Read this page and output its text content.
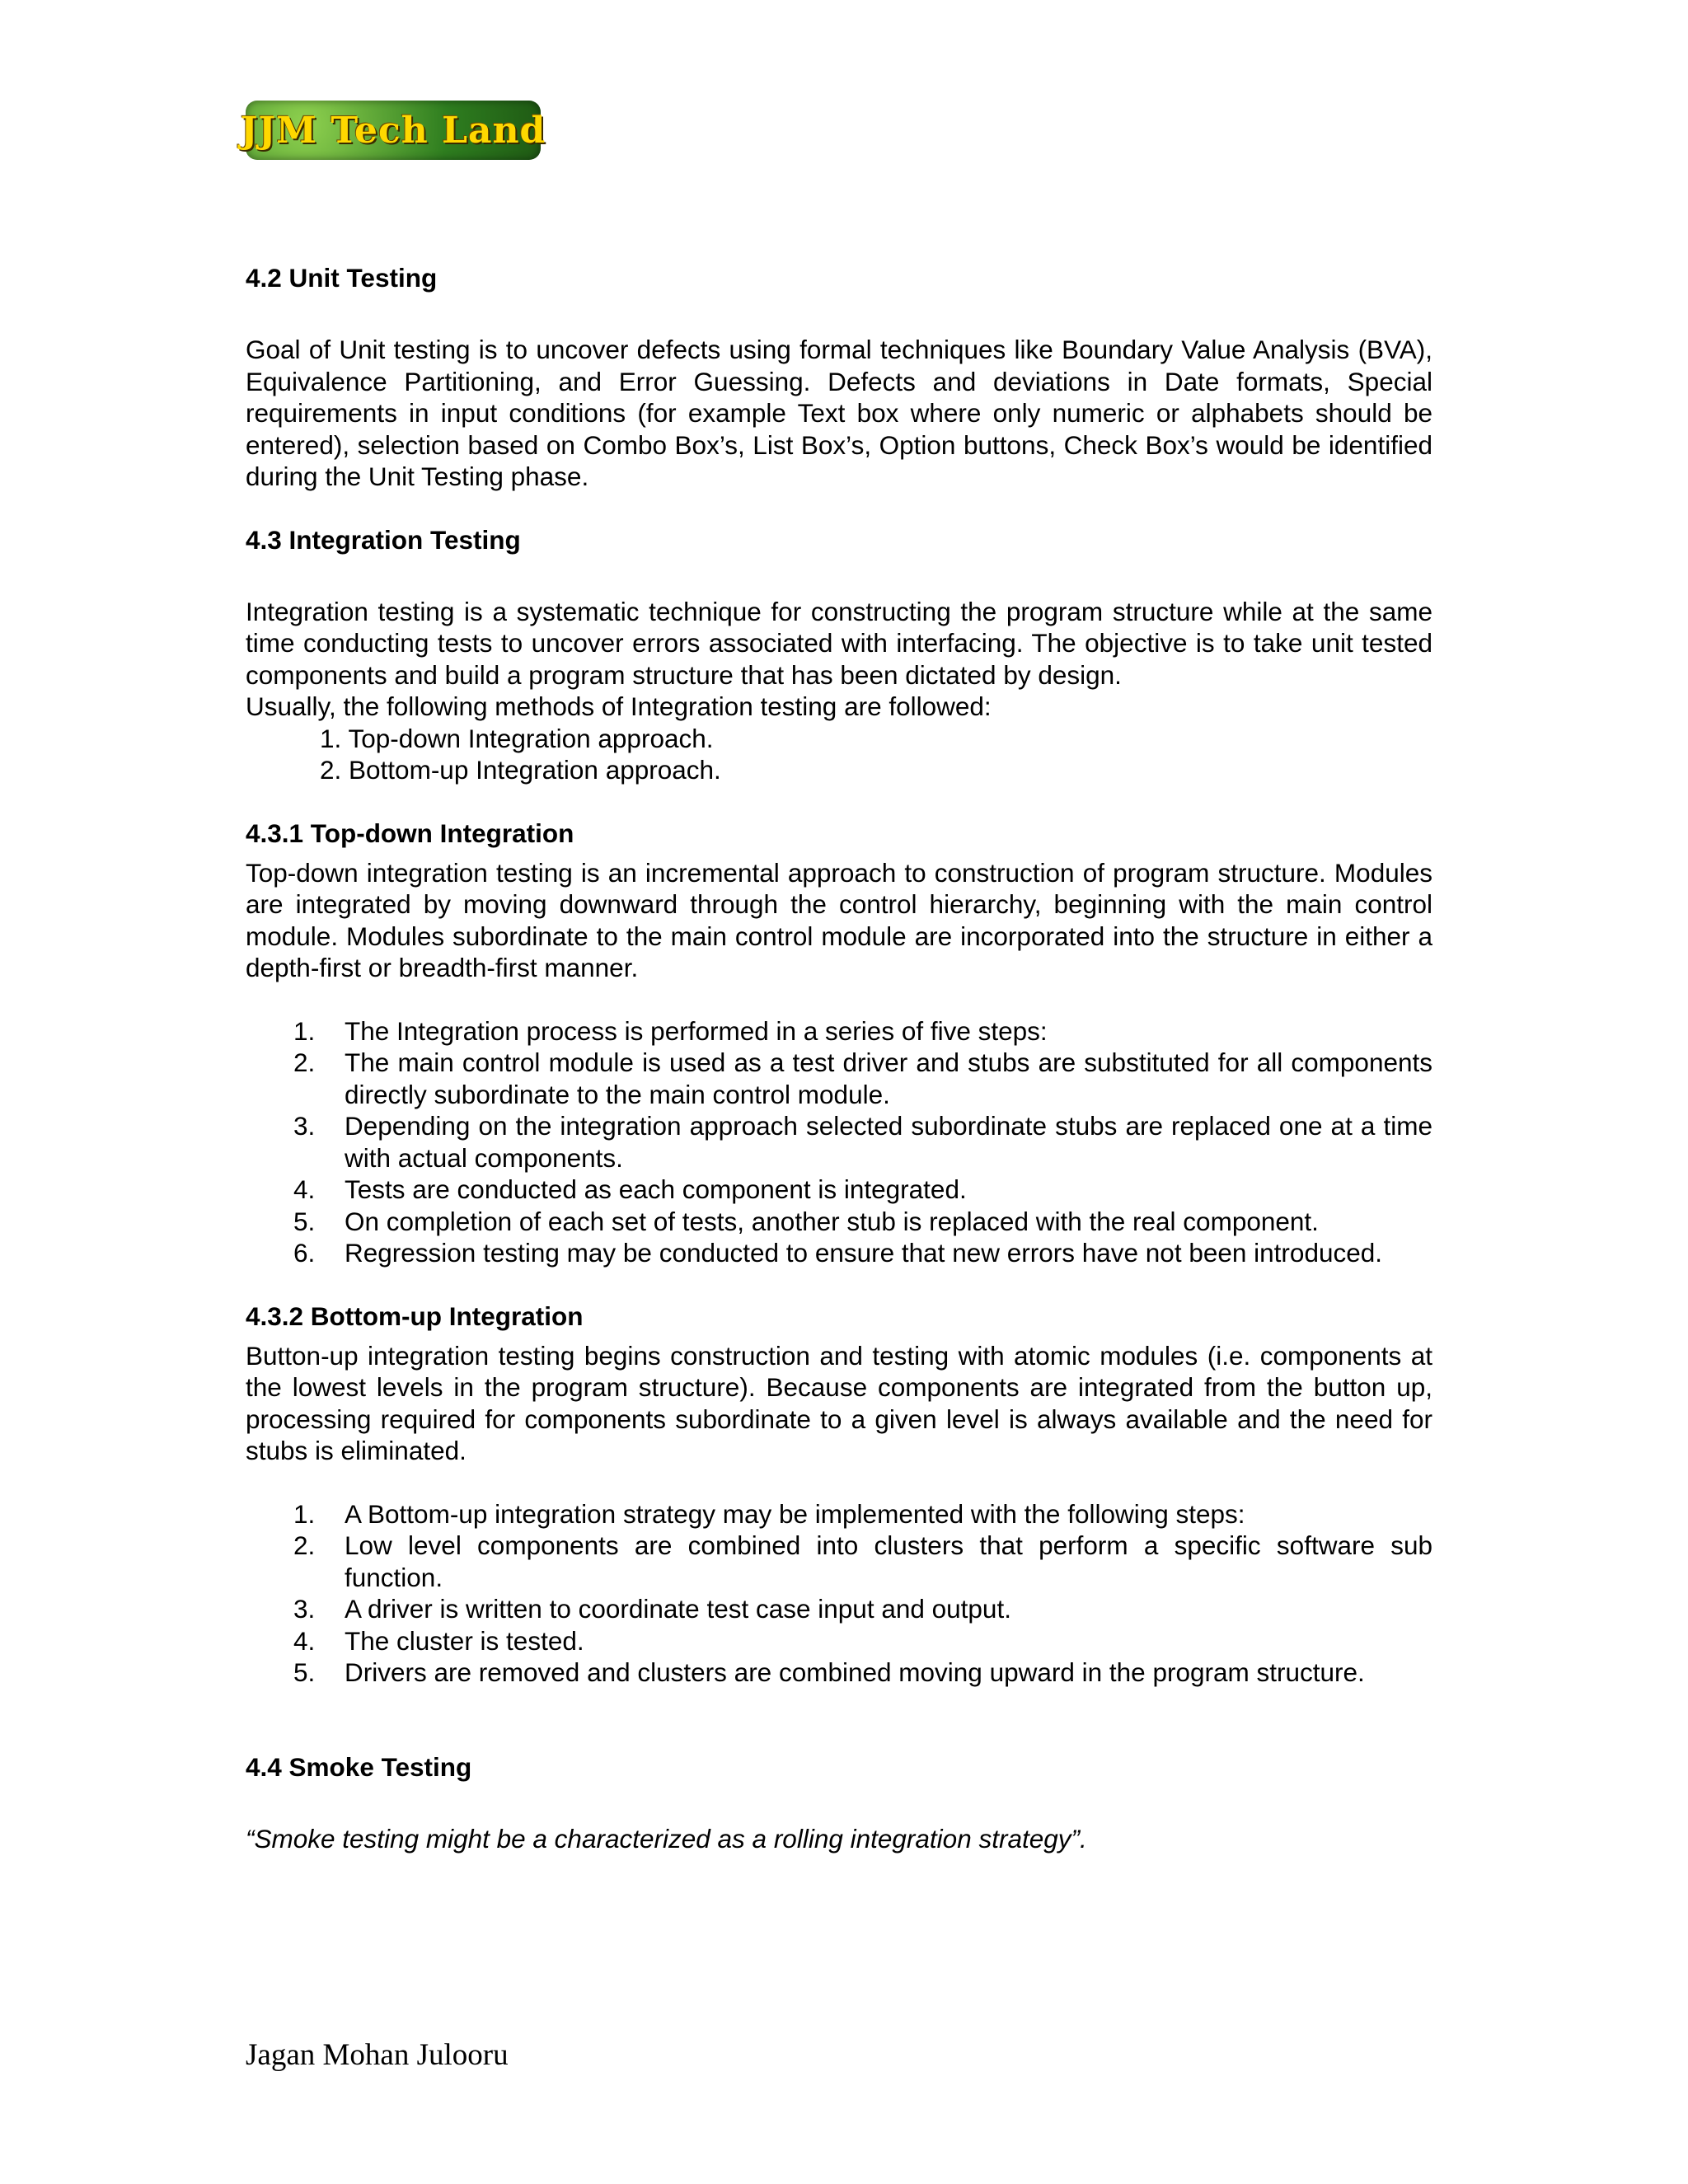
JJM Tech Land
4.2 Unit Testing

Goal of Unit testing is to uncover defects using formal techniques like Boundary Value Analysis (BVA), Equivalence Partitioning, and Error Guessing. Defects and deviations in Date formats, Special requirements in input conditions (for example Text box where only numeric or alphabets should be entered), selection based on Combo Box’s, List Box’s, Option buttons, Check Box’s would be identified during the Unit Testing phase.

4.3 Integration Testing

Integration testing is a systematic technique for constructing the program structure while at the same time conducting tests to uncover errors associated with interfacing. The objective is to take unit tested components and build a program structure that has been dictated by design.

Usually, the following methods of Integration testing are followed:

1. Top-down Integration approach.
2. Bottom-up Integration approach.
4.3.1 Top-down Integration

Top-down integration testing is an incremental approach to construction of program structure. Modules are integrated by moving downward through the control hierarchy, beginning with the main control module. Modules subordinate to the main control module are incorporated into the structure in either a depth-first or breadth-first manner.

1. The Integration process is performed in a series of five steps:
2. The main control module is used as a test driver and stubs are substituted for all components directly subordinate to the main control module.
3. Depending on the integration approach selected subordinate stubs are replaced one at a time with actual components.
4. Tests are conducted as each component is integrated.
5. On completion of each set of tests, another stub is replaced with the real component.
6. Regression testing may be conducted to ensure that new errors have not been introduced.
4.3.2 Bottom-up Integration

Button-up integration testing begins construction and testing with atomic modules (i.e. components at the lowest levels in the program structure). Because components are integrated from the button up, processing required for components subordinate to a given level is always available and the need for stubs is eliminated.

1. A Bottom-up integration strategy may be implemented with the following steps:
2. Low level components are combined into clusters that perform a specific software sub function.
3. A driver is written to coordinate test case input and output.
4. The cluster is tested.
5. Drivers are removed and clusters are combined moving upward in the program structure.
4.4 Smoke Testing

“Smoke testing might be a characterized as a rolling integration strategy”.

Jagan Mohan Julooru
